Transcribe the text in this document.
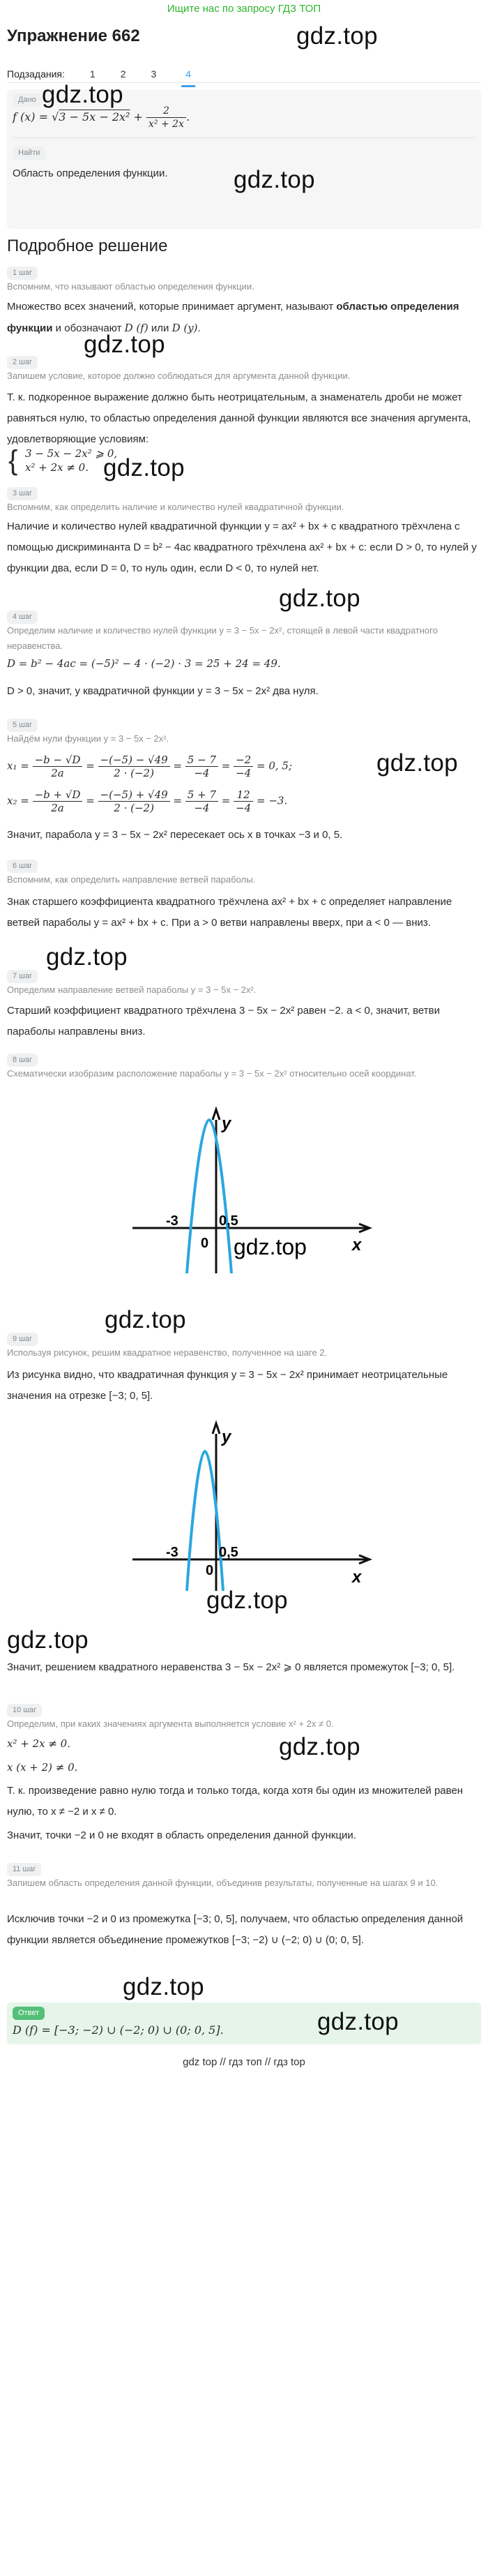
Ищите нас по запросу ГДЗ ТОП
Упражнение 662	gdz.top
Подзадания:	1	2	3	4
Дано gdz.top
f $(x) = √3 - 5x - 2x^2 + \frac{2}{\text{x² + 2x}}$ .
Найти
gdz.top
Область определения функции.
Подробное решение
1 шаг
Вспомним, что называют областью определения функции.
Множество всех значений, которые принимает аргумент, называют областью определения функции и обозначают D (f) или D (y).
gdz.top
2 шаг
Запишем условие, которое должно соблюдаться для аргумента данной функции.
Т. к. подкоренное выражение должно быть неотрицательным, а знаменатель дроби не может равняться нулю, то областью определения данной функции являются все значения аргумента, удовлетворяющие условиям:
{ 3 − 5x − 2x² ⩾ 0,
x² + 2x ≠ 0. gdz.top
3 шаг
Вспомним, как определить наличие и количество нулей квадратичной функции.
Наличие и количество нулей квадратичной функции y = ax² + bx + c квадратного трёхчлена с помощью дискриминанта D = b² − 4ac квадратного трёхчлена ax² + bx + c: если D > 0, то нулей у функции два, если D = 0, то нуль один, если D < 0, то нулей нет.
gdz.top
4 шаг
Определим наличие и количество нулей функции y = 3 − 5x − 2x², стоящей в левой части квадратного неравенства.
D = b² − 4ac = (−5)² − 4 · (−2) · 3 = 25 + 24 = 49.
D > 0, значит, у квадратичной функции y = 3 − 5x − 2x² два нуля.
5 шаг
Найдём нули функции y = 3 − 5x − 2x².
$x_1 = \frac{-b - √D}{2a} = \frac{-(-5) - √49}{2 \cdot (-2)} = \frac{5 - 7}{-4} = \frac{-2}{-4} = 0$, 5;	gdz.top
$x_2 = \frac{-b + √D}{2a} = \frac{-(-5) + √49}{2 \cdot (-2)} = \frac{5 + 7}{-4} = \frac{12}{-4} = -3$.
Значит, парабола y = 3 − 5x − 2x² пересекает ось x в точках −3 и 0, 5.
6 шаг
Вспомним, как определить направление ветвей параболы.
Знак старшего коэффициента квадратного трёхчлена ax² + bx + c определяет направление ветвей параболы y = ax² + bx + c. При a > 0 ветви направлены вверх, при a < 0 — вниз.
gdz.top
7 шаг
Определим направление ветвей параболы y = 3 − 5x − 2x².
Старший коэффициент квадратного трёхчлена 3 − 5x − 2x² равен −2. a < 0, значит, ветви параболы направлены вниз.
8 шаг
Схематически изобразим расположение параболы y = 3 − 5x − 2x² относительно осей координат.
y
x
0
-3	0,5
gdz.top
gdz.top
9 шаг
Используя рисунок, решим квадратное неравенство, полученное на шаге 2.
Из рисунка видно, что квадратичная функция y = 3 − 5x − 2x² принимает неотрицательные значения на отрезке [−3; 0, 5].
y
x
0
-3	0,5
gdz.top
gdz.top
Значит, решением квадратного неравенства 3 − 5x − 2x² ⩾ 0 является промежуток [−3; 0, 5].
10 шаг
Определим, при каких значениях аргумента выполняется условие x² + 2x ≠ 0.
x² + 2x ≠ 0.	gdz.top
x (x + 2) ≠ 0.
Т. к. произведение равно нулю тогда и только тогда, когда хотя бы один из множителей равен нулю, то x ≠ −2 и x ≠ 0.
Значит, точки −2 и 0 не входят в область определения данной функции.
11 шаг
Запишем область определения данной функции, объединив результаты, полученные на шагах 9 и 10.
Исключив точки −2 и 0 из промежутка [−3; 0, 5], получаем, что областью определения данной функции является объединение промежутков [−3; −2) ∪ (−2; 0) ∪ (0; 0, 5].
gdz.top
Ответ
D (f) = [−3; −2) ∪ (−2; 0) ∪ (0; 0, 5].	gdz.top
gdz top // гдз топ // гдз top
